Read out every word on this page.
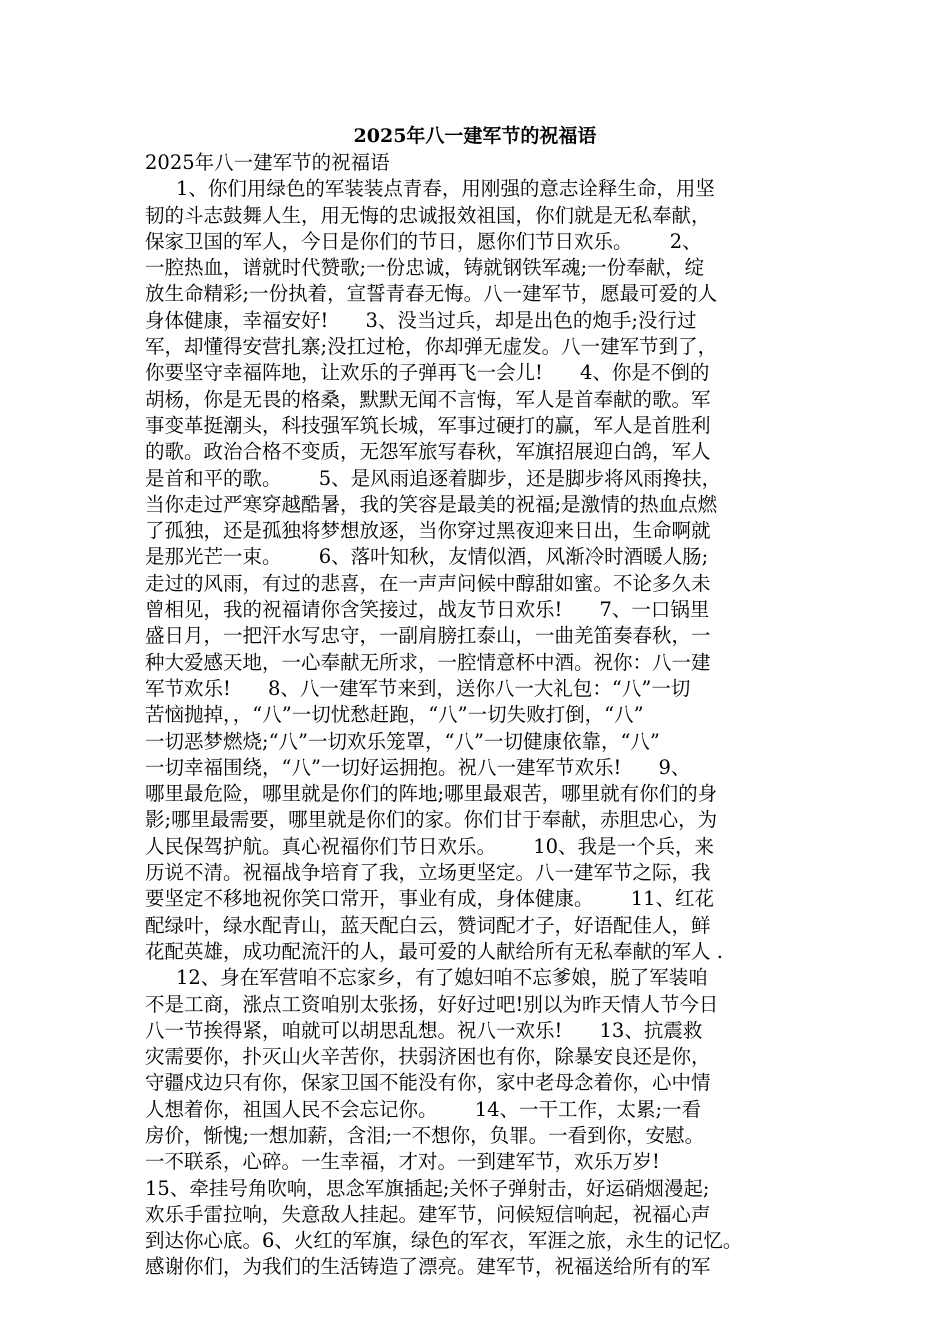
2025年八一建军节的祝福语
2025年八一建军节的祝福语
1、你们用绿色的军装装点青春，用刚强的意志诠释生命，用坚
韧的斗志鼓舞人生，用无悔的忠诚报效祖国，你们就是无私奉献，
保家卫国的军人，今日是你们的节日，愿你们节日欢乐。      2、
一腔热血，谱就时代赞歌;一份忠诚，铸就钢铁军魂;一份奉献，绽
放生命精彩;一份执着，宣誓青春无悔。八一建军节，愿最可爱的人
身体健康，幸福安好!      3、没当过兵，却是出色的炮手;没行过
军，却懂得安营扎寨;没扛过枪，你却弹无虚发。八一建军节到了，
你要坚守幸福阵地，让欢乐的子弹再飞一会儿!      4、你是不倒的
胡杨，你是无畏的格桑，默默无闻不言悔，军人是首奉献的歌。军
事变革挺潮头，科技强军筑长城，军事过硬打的赢，军人是首胜利
的歌。政治合格不变质，无怨军旅写春秋，军旗招展迎白鸽，军人
是首和平的歌。      5、是风雨追逐着脚步，还是脚步将风雨搀扶，
当你走过严寒穿越酷暑，我的笑容是最美的祝福;是激情的热血点燃
了孤独，还是孤独将梦想放逐，当你穿过黑夜迎来日出，生命啊就
是那光芒一束。      6、落叶知秋，友情似酒，风渐冷时酒暖人肠;
走过的风雨，有过的悲喜，在一声声问候中醇甜如蜜。不论多久未
曾相见，我的祝福请你含笑接过，战友节日欢乐!      7、一口锅里
盛日月，一把汗水写忠守，一副肩膀扛泰山，一曲羌笛奏春秋，一
种大爱感天地，一心奉献无所求，一腔情意杯中酒。祝你：八一建
军节欢乐!      8、八一建军节来到，送你八一大礼包：“八”一切
苦恼抛掉，，“八”一切忧愁赶跑，“八”一切失败打倒，“八”
一切恶梦燃烧;“八”一切欢乐笼罩，“八”一切健康依靠，“八”
一切幸福围绕，“八”一切好运拥抱。祝八一建军节欢乐!      9、
哪里最危险，哪里就是你们的阵地;哪里最艰苦，哪里就有你们的身
影;哪里最需要，哪里就是你们的家。你们甘于奉献，赤胆忠心，为
人民保驾护航。真心祝福你们节日欢乐。      10、我是一个兵，来
历说不清。祝福战争培育了我，立场更坚定。八一建军节之际，我
要坚定不移地祝你笑口常开，事业有成，身体健康。      11、红花
配绿叶，绿水配青山，蓝天配白云，赞词配才子，好语配佳人，鲜
花配英雄，成功配流汗的人，最可爱的人献给所有无私奉献的军人 .
12、身在军营咱不忘家乡，有了媳妇咱不忘爹娘，脱了军装咱
不是工商，涨点工资咱别太张扬，好好过吧!别以为昨天情人节今日
八一节挨得紧，咱就可以胡思乱想。祝八一欢乐!      13、抗震救
灾需要你，扑灭山火辛苦你，扶弱济困也有你，除暴安良还是你，
守疆戍边只有你，保家卫国不能没有你，家中老母念着你，心中情
人想着你，祖国人民不会忘记你。      14、一干工作，太累;一看
房价，惭愧;一想加薪，含泪;一不想你，负罪。一看到你，安慰。
一不联系，心碎。一生幸福，才对。一到建军节，欢乐万岁!
15、牵挂号角吹响，思念军旗插起;关怀子弹射击，好运硝烟漫起;
欢乐手雷拉响，失意敌人挂起。建军节，问候短信响起，祝福心声
到达你心底。6、火红的军旗，绿色的军衣，军涯之旅，永生的记忆。
感谢你们，为我们的生活铸造了漂亮。建军节，祝福送给所有的军
